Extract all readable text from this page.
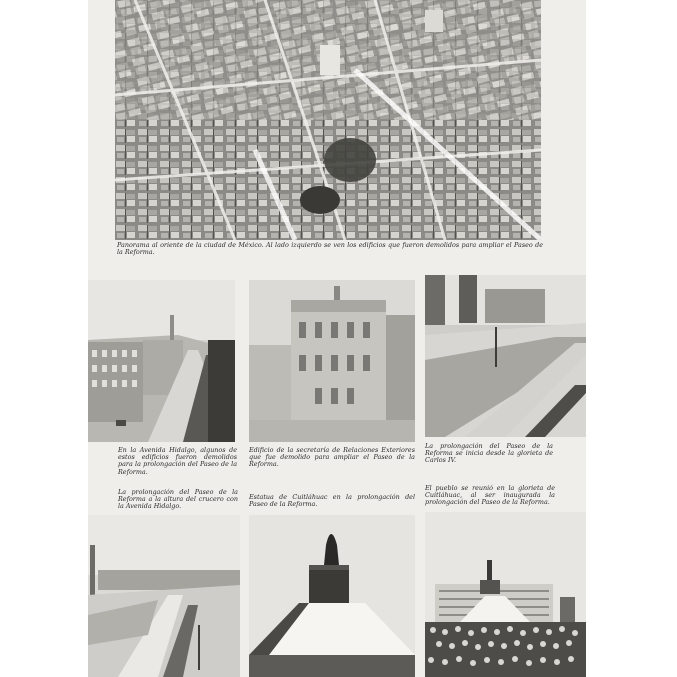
Panorama al oriente de la ciudad de México. Al lado izquierdo se ven los edificios que fueron demolidos para ampliar el Paseo de la Reforma.
En la Avenida Hidalgo, algunos de estos edificios fueron demolidos para la prolongación del Paseo de la Reforma.
Edificio de la secretaría de Relaciones Exteriores que fue demolido para ampliar el Paseo de la Reforma.
La prolongación del Paseo de la Reforma se inicia desde la glorieta de Carlos IV.
La prolongación del Paseo de la Reforma a la altura del crucero con la Avenida Hidalgo.
Estatua de Cuitláhuac en la prolongación del Paseo de la Reforma.
El pueblo se reunió en la glorieta de Cuitláhuac, al ser inaugurada la prolongación del Paseo de la Reforma.
